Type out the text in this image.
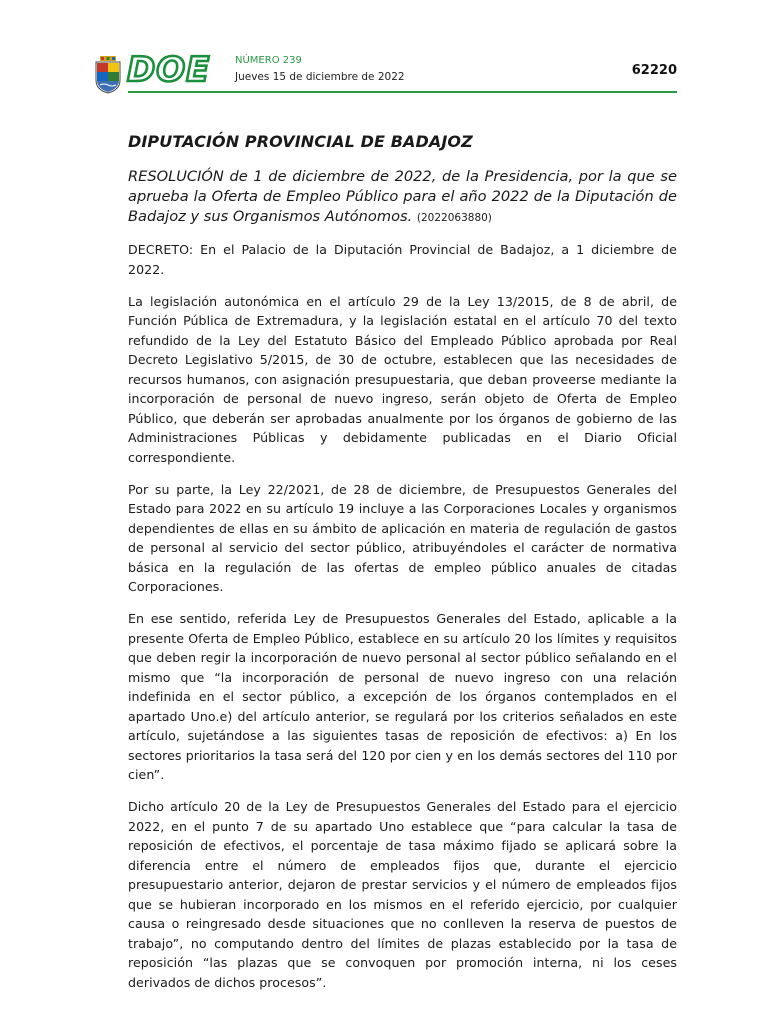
DOE NÚMERO 239
Jueves 15 de diciembre de 2022	62220
DIPUTACIÓN PROVINCIAL DE BADAJOZ
RESOLUCIÓN de 1 de diciembre de 2022, de la Presidencia, por la que se aprueba la Oferta de Empleo Público para el año 2022 de la Diputación de Badajoz y sus Organismos Autónomos. (2022063880)

DECRETO: En el Palacio de la Diputación Provincial de Badajoz, a 1 diciembre de 2022.

La legislación autonómica en el artículo 29 de la Ley 13/2015, de 8 de abril, de Función Pública de Extremadura, y la legislación estatal en el artículo 70 del texto refundido de la Ley del Estatuto Básico del Empleado Público aprobada por Real Decreto Legislativo 5/2015, de 30 de octubre, establecen que las necesidades de recursos humanos, con asignación presupuestaria, que deban proveerse mediante la incorporación de personal de nuevo ingreso, serán objeto de Oferta de Empleo Público, que deberán ser aprobadas anualmente por los órganos de gobierno de las Administraciones Públicas y debidamente publicadas en el Diario Oficial correspondiente.

Por su parte, la Ley 22/2021, de 28 de diciembre, de Presupuestos Generales del Estado para 2022 en su artículo 19 incluye a las Corporaciones Locales y organismos dependientes de ellas en su ámbito de aplicación en materia de regulación de gastos de personal al servicio del sector público, atribuyéndoles el carácter de normativa básica en la regulación de las ofertas de empleo público anuales de citadas Corporaciones.

En ese sentido, referida Ley de Presupuestos Generales del Estado, aplicable a la presente Oferta de Empleo Público, establece en su artículo 20 los límites y requisitos que deben regir la incorporación de nuevo personal al sector público señalando en el mismo que “la incorporación de personal de nuevo ingreso con una relación indefinida en el sector público, a excepción de los órganos contemplados en el apartado Uno.e) del artículo anterior, se regulará por los criterios señalados en este artículo, sujetándose a las siguientes tasas de reposición de efectivos: a) En los sectores prioritarios la tasa será del 120 por cien y en los demás sectores del 110 por cien”.

Dicho artículo 20 de la Ley de Presupuestos Generales del Estado para el ejercicio 2022, en el punto 7 de su apartado Uno establece que “para calcular la tasa de reposición de efectivos, el porcentaje de tasa máximo fijado se aplicará sobre la diferencia entre el número de empleados fijos que, durante el ejercicio presupuestario anterior, dejaron de prestar servicios y el número de empleados fijos que se hubieran incorporado en los mismos en el referido ejercicio, por cualquier causa o reingresado desde situaciones que no conlleven la reserva de puestos de trabajo”, no computando dentro del límites de plazas establecido por la tasa de reposición “las plazas que se convoquen por promoción interna, ni los ceses derivados de dichos procesos”.
